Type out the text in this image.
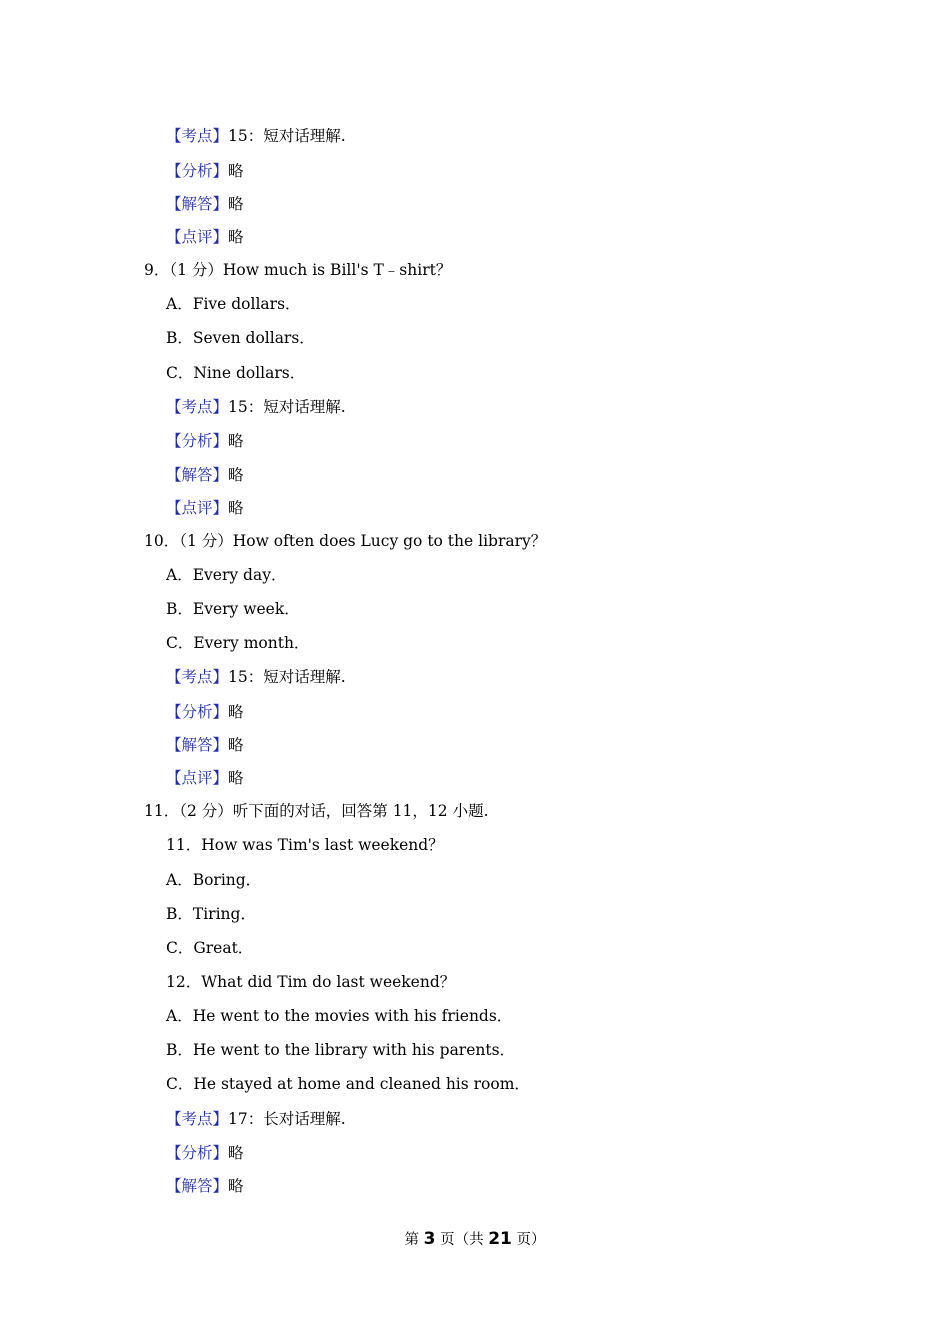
【考点】15：短对话理解.
【分析】略
【解答】略
【点评】略
9．（1 分）How much is Bill's T﹣shirt？
A．Five dollars．
B．Seven dollars．
C．Nine dollars．
【考点】15：短对话理解.
【分析】略
【解答】略
【点评】略
10．（1 分）How often does Lucy go to the library？
A．Every day．
B．Every week．
C．Every month．
【考点】15：短对话理解.
【分析】略
【解答】略
【点评】略
11．（2 分）听下面的对话，回答第 11，12 小题.
11．How was Tim's last weekend？
A．Boring．
B．Tiring．
C．Great．
12．What did Tim do last weekend？
A．He went to the movies with his friends．
B．He went to the library with his parents．
C．He stayed at home and cleaned his room．
【考点】17：长对话理解.
【分析】略
【解答】略
第 3 页（共 21 页）
